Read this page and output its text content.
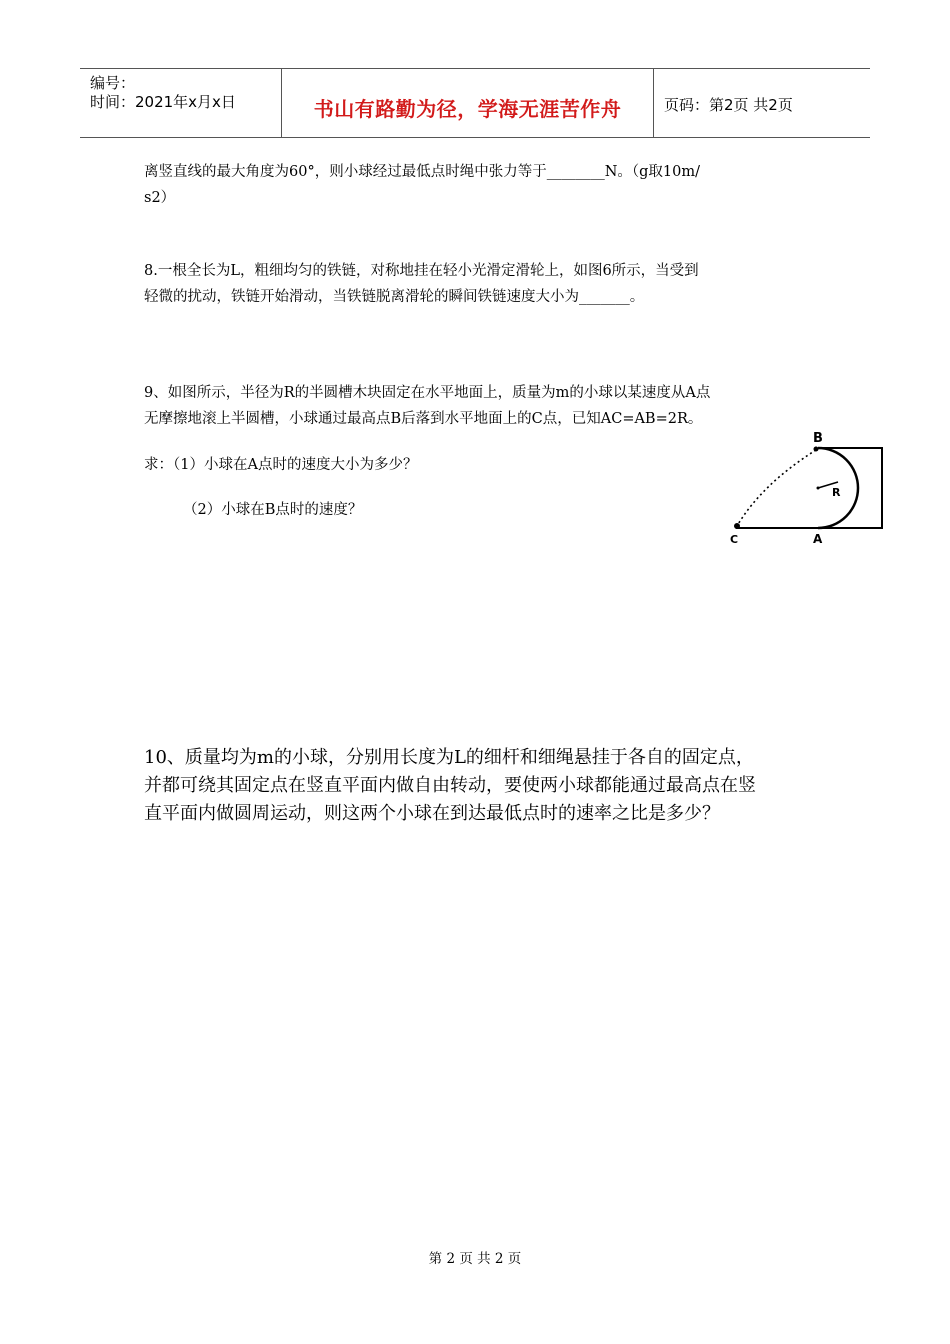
编号：
时间：2021年x月x日	书山有路勤为径，学海无涯苦作舟	页码：第2页 共2页
离竖直线的最大角度为60°，则小球经过最低点时绳中张力等于________N。（g取10m/
s2）
8.一根全长为L，粗细均匀的铁链，对称地挂在轻小光滑定滑轮上，如图6所示，当受到
轻微的扰动，铁链开始滑动，当铁链脱离滑轮的瞬间铁链速度大小为_______。
9、如图所示，半径为R的半圆槽木块固定在水平地面上，质量为m的小球以某速度从A点
无摩擦地滚上半圆槽，小球通过最高点B后落到水平地面上的C点，已知AC=AB=2R。
求：（1）小球在A点时的速度大小为多少？
（2）小球在B点时的速度？
B
R
C	A
10、质量均为m的小球，分别用长度为L的细杆和细绳悬挂于各自的固定点，
并都可绕其固定点在竖直平面内做自由转动，要使两小球都能通过最高点在竖
直平面内做圆周运动，则这两个小球在到达最低点时的速率之比是多少？
第 2 页 共 2 页
